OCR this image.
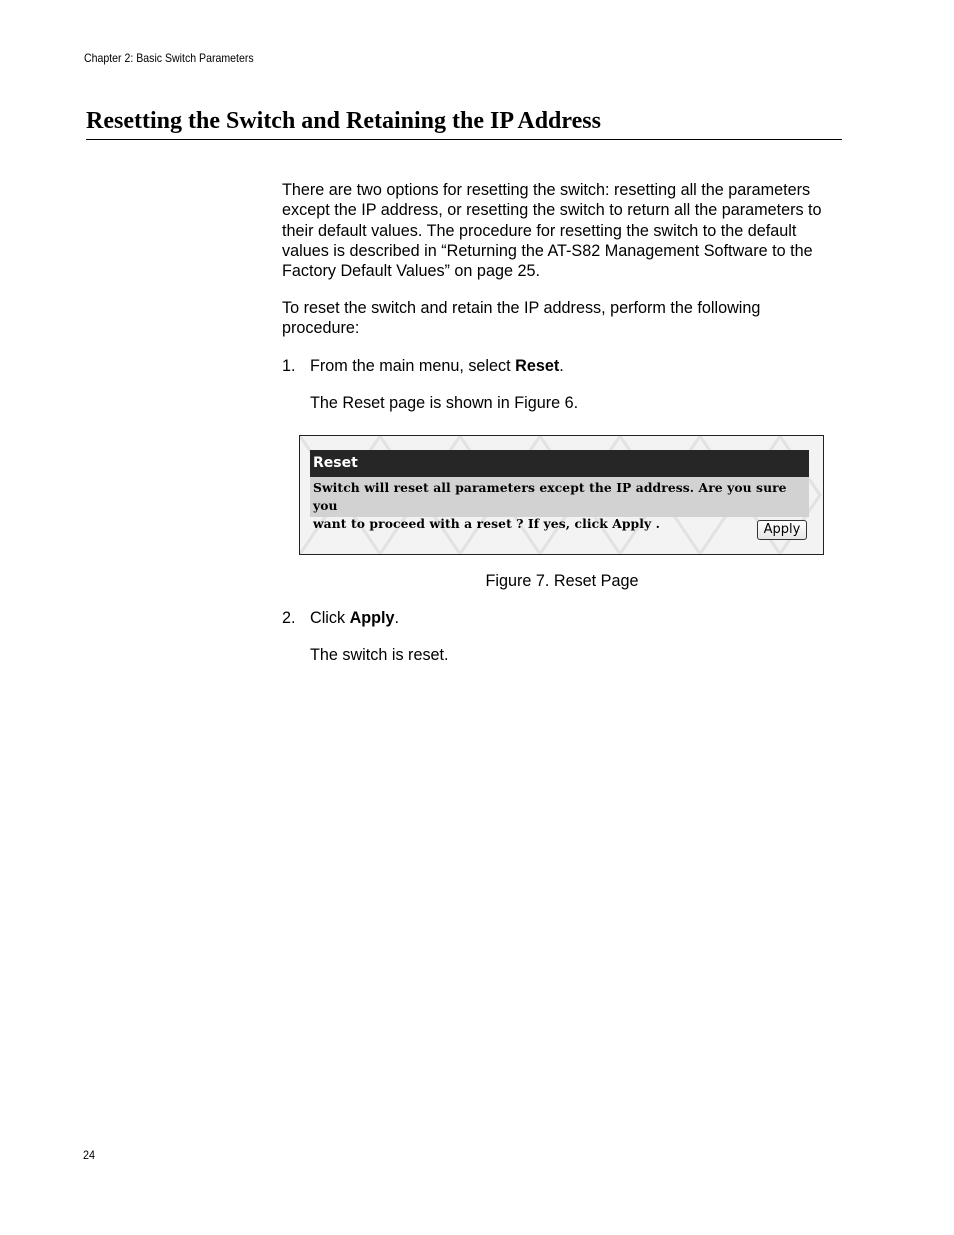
Chapter 2: Basic Switch Parameters
Resetting the Switch and Retaining the IP Address

There are two options for resetting the switch: resetting all the parameters except the IP address, or resetting the switch to return all the parameters to their default values. The procedure for resetting the switch to the default values is described in “Returning the AT-S82 Management Software to the Factory Default Values” on page 25.

To reset the switch and retain the IP address, perform the following procedure:

1. From the main menu, select Reset.
The Reset page is shown in Figure 6.
Reset
Switch will reset all parameters except the IP address. Are you sure you
want to proceed with a reset ? If yes, click Apply .	Apply
Figure 7. Reset Page
2. Click Apply.
The switch is reset.
24
